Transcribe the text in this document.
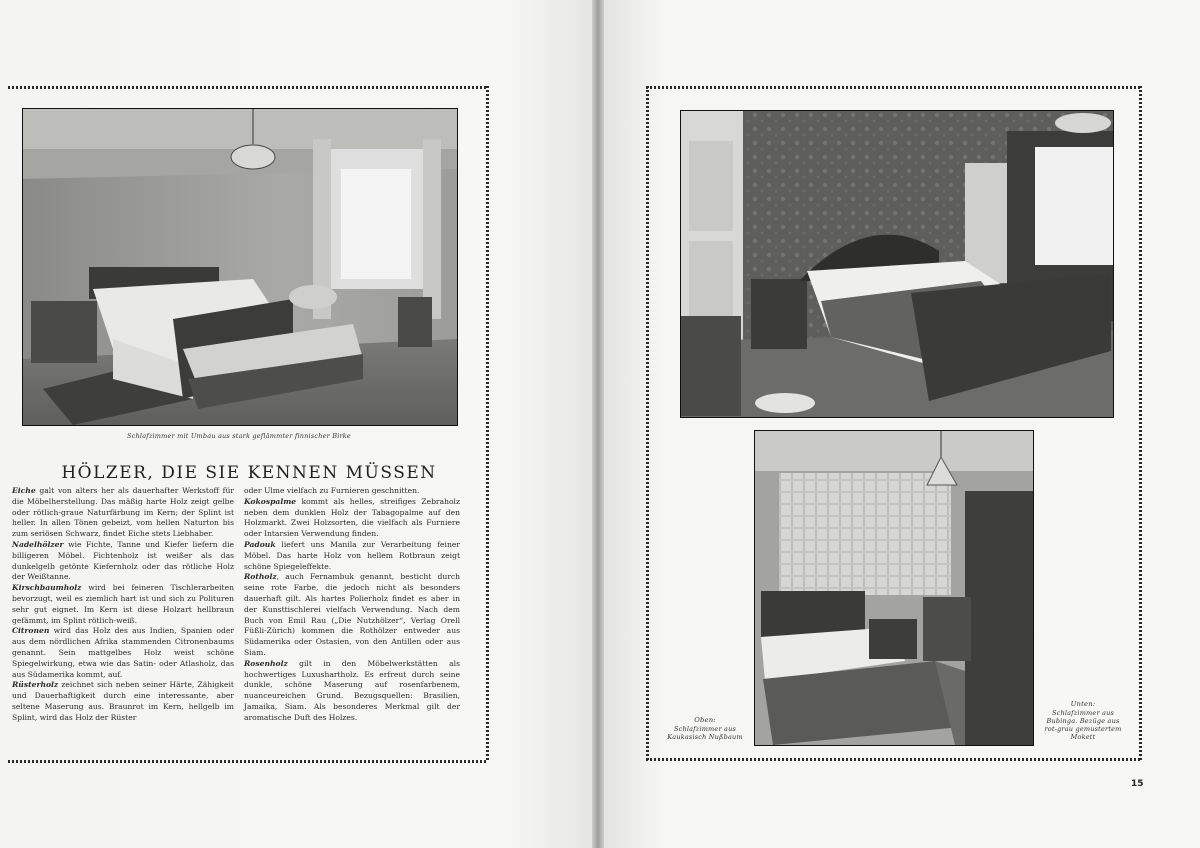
Schlafzimmer mit Umbau aus stark geflämmter finnischer Birke
HÖLZER, DIE SIE KENNEN MÜSSEN

Eiche galt von alters her als dauerhafter Werkstoff für die Möbelherstellung. Das mäßig harte Holz zeigt gelbe oder rötlich-graue Naturfärbung im Kern; der Splint ist heller. In allen Tönen gebeizt, vom hellen Naturton bis zum seriösen Schwarz, findet Eiche stets Liebhaber.

Nadelhölzer wie Fichte, Tanne und Kiefer liefern die billigeren Möbel. Fichtenholz ist weißer als das dunkelgelb getönte Kiefernholz oder das rötliche Holz der Weißtanne.

Kirschbaumholz wird bei feineren Tischlerarbeiten bevorzugt, weil es ziemlich hart ist und sich zu Polituren sehr gut eignet. Im Kern ist diese Holzart hellbraun gefämmt, im Splint rötlich-weiß.

Citronen wird das Holz des aus Indien, Spanien oder aus dem nördlichen Afrika stammenden Citronenbaums genannt. Sein mattgelbes Holz weist schöne Spiegelwirkung, etwa wie das Satin- oder Atlasholz, das aus Südamerika kommt, auf.

Rüsterholz zeichnet sich neben seiner Härte, Zähigkeit und Dauerhaftigkeit durch eine interessante, aber seltene Maserung aus. Braunrot im Kern, hellgelb im Splint, wird das Holz der Rüster

oder Ulme vielfach zu Furnieren geschnitten.

Kokospalme kommt als helles, streifiges Zebraholz neben dem dunklen Holz der Tabagopalme auf den Holzmarkt. Zwei Holzsorten, die vielfach als Furniere oder Intarsien Verwendung finden.

Padouk liefert uns Manila zur Verarbeitung feiner Möbel. Das harte Holz von hellem Rotbraun zeigt schöne Spiegeleffekte.

Rotholz, auch Fernambuk genannt, besticht durch seine rote Farbe, die jedoch nicht als besonders dauerhaft gilt. Als hartes Polierholz findet es aber in der Kunsttischlerei vielfach Verwendung. Nach dem Buch von Emil Rau („Die Nutzhölzer“, Verlag Orell Füßli-Zürich) kommen die Rothölzer entweder aus Südamerika oder Ostasien, von den Antillen oder aus Siam.

Rosenholz gilt in den Möbelwerkstätten als hochwertiges Luxushartholz. Es erfreut durch seine dunkle, schöne Maserung auf rosenfarbenem, nuanceureichen Grund. Bezugsquellen: Brasilien, Jamaika, Siam. Als besonderes Merkmal gilt der aromatische Duft des Holzes.	Oben:
Schlafzimmer aus Kaukasisch Nußbaum
Unten:
Schlafzimmer aus Bubinga. Bezüge aus rot-grau gemustertem Mokett
15
